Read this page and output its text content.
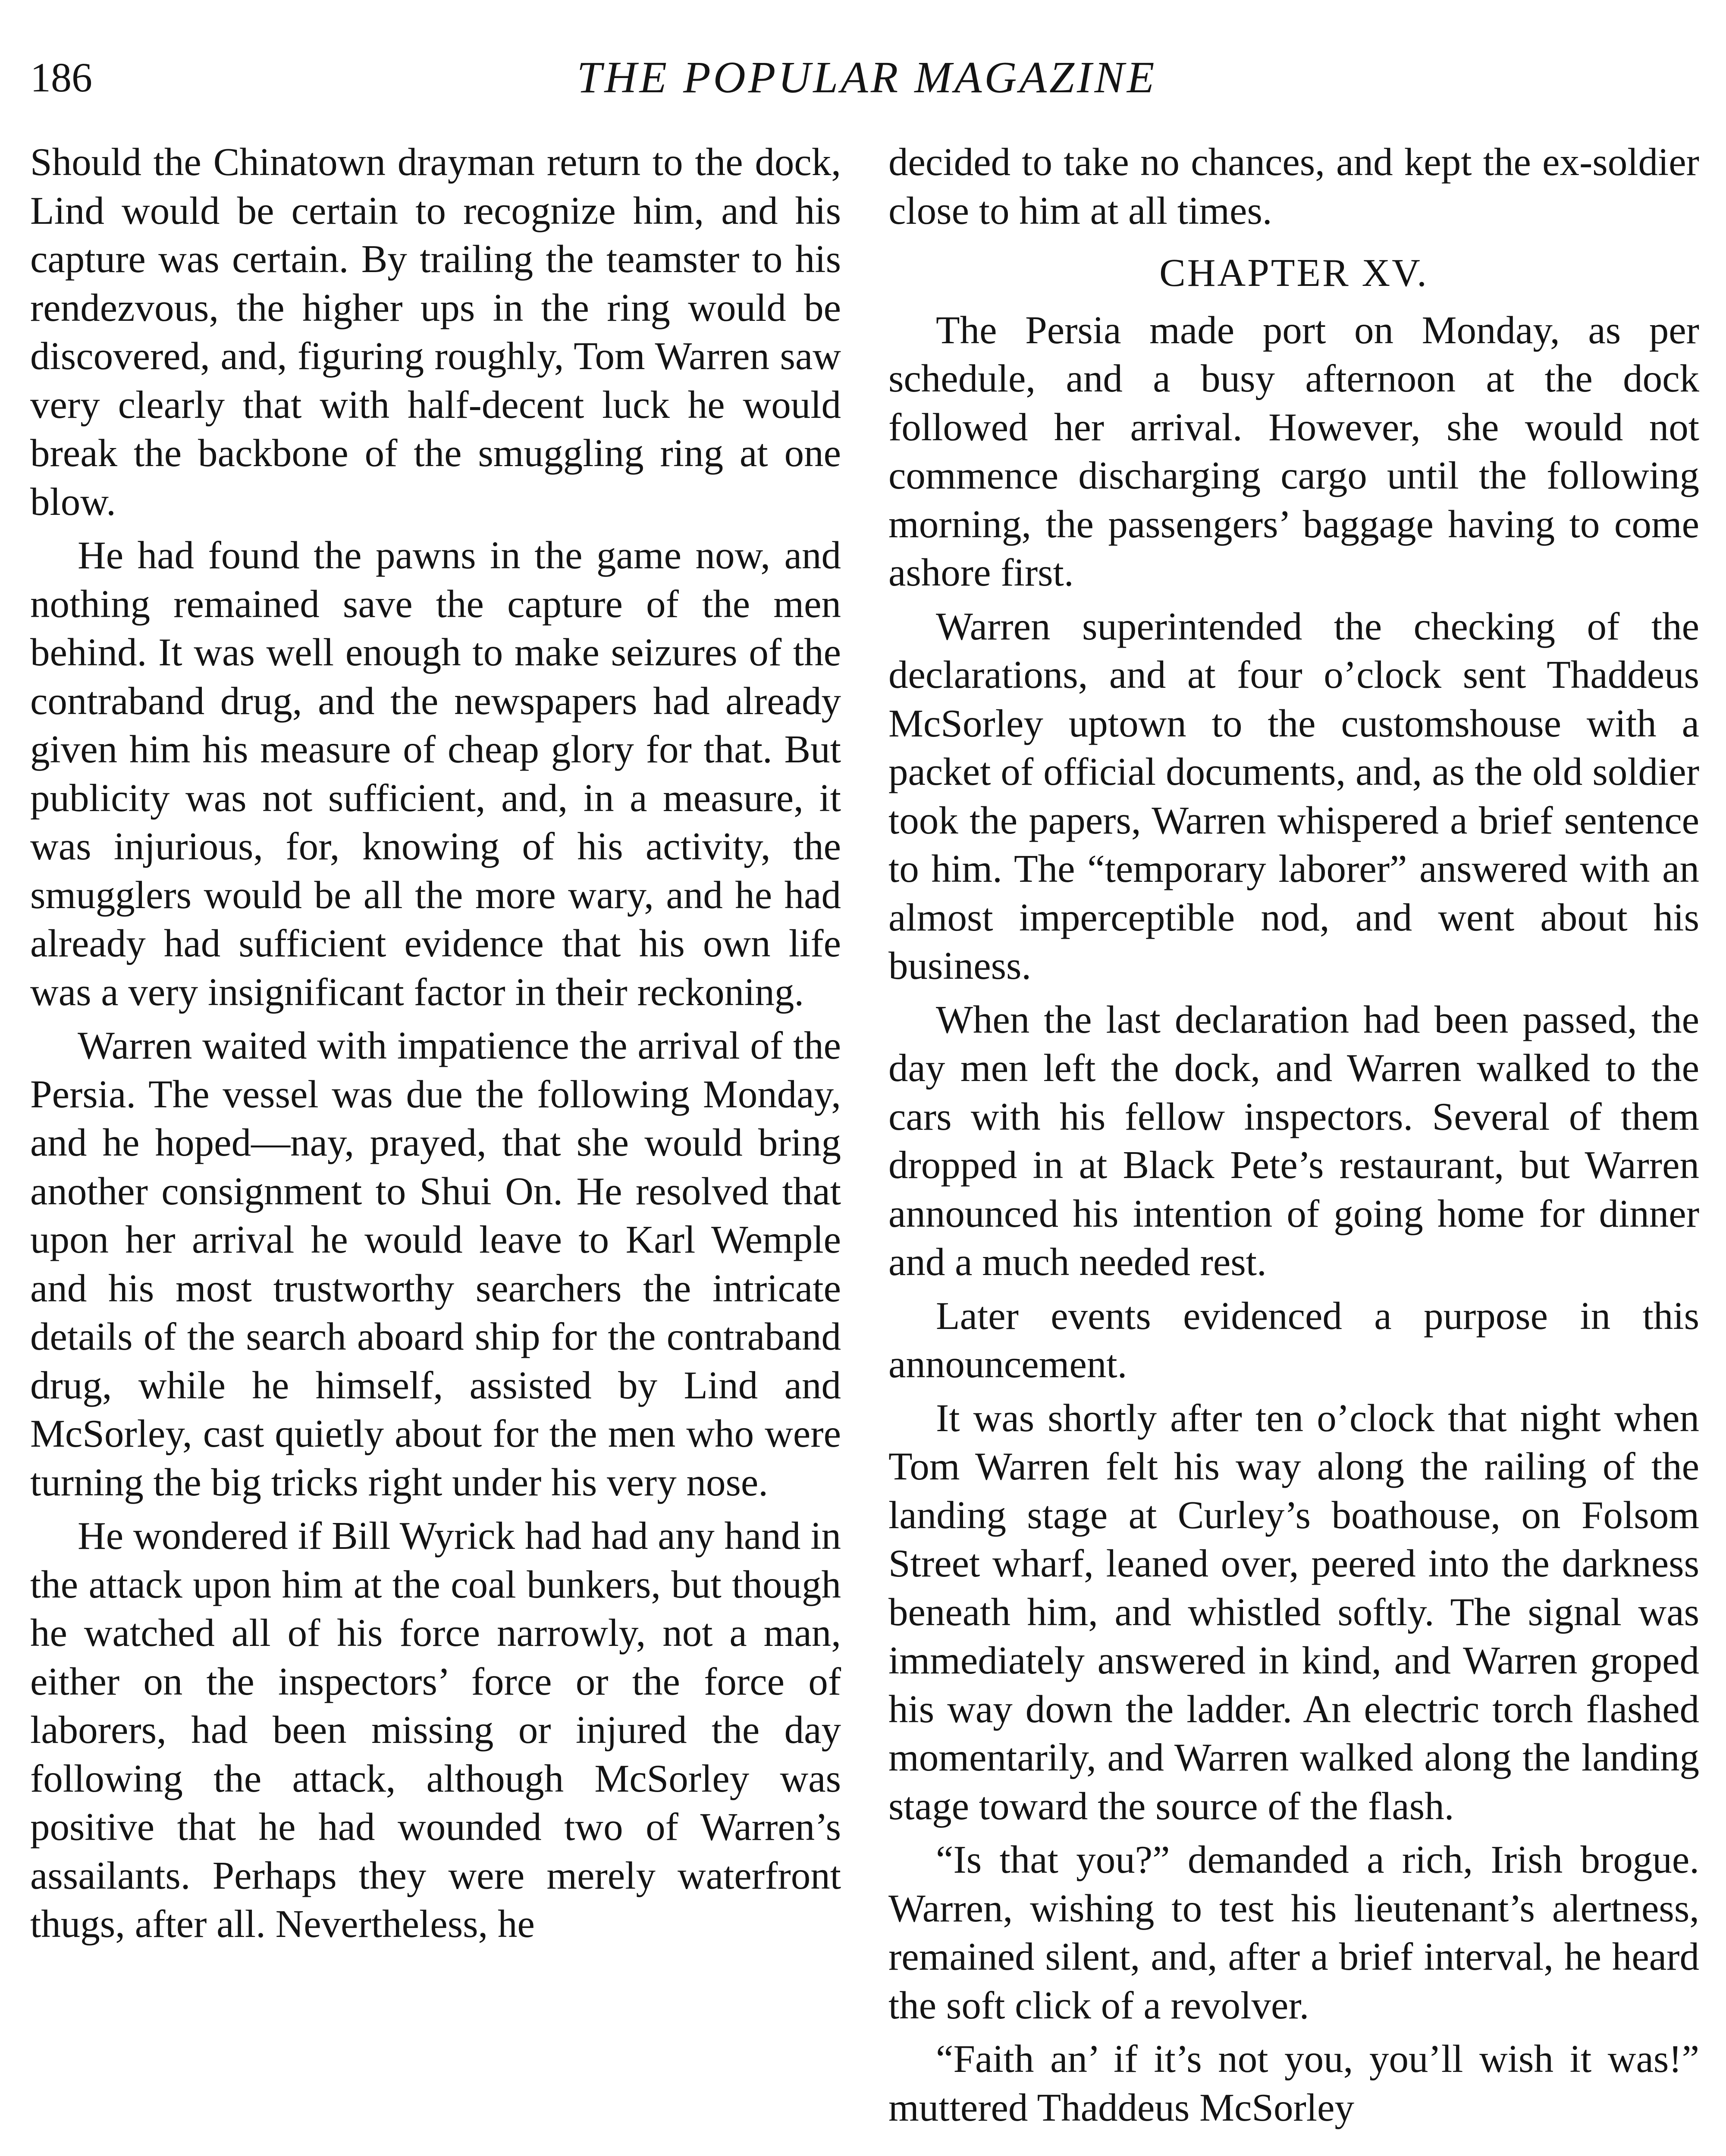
186	THE POPULAR MAGAZINE

Should the Chinatown drayman return to the dock, Lind would be certain to recognize him, and his capture was certain. By trailing the teamster to his rendezvous, the higher ups in the ring would be discovered, and, figuring roughly, Tom Warren saw very clearly that with half-decent luck he would break the backbone of the smuggling ring at one blow.

He had found the pawns in the game now, and nothing remained save the capture of the men behind. It was well enough to make seizures of the contraband drug, and the newspapers had already given him his measure of cheap glory for that. But publicity was not sufficient, and, in a measure, it was injurious, for, knowing of his activity, the smugglers would be all the more wary, and he had already had sufficient evidence that his own life was a very insignificant factor in their reckoning.

Warren waited with impatience the arrival of the Persia. The vessel was due the following Monday, and he hoped—nay, prayed, that she would bring another consignment to Shui On. He resolved that upon her arrival he would leave to Karl Wemple and his most trustworthy searchers the intricate details of the search aboard ship for the contraband drug, while he himself, assisted by Lind and McSorley, cast quietly about for the men who were turning the big tricks right under his very nose.

He wondered if Bill Wyrick had had any hand in the attack upon him at the coal bunkers, but though he watched all of his force narrowly, not a man, either on the inspectors’ force or the force of laborers, had been missing or injured the day following the attack, although McSorley was positive that he had wounded two of Warren’s assailants. Perhaps they were merely waterfront thugs, after all. Nevertheless, he

decided to take no chances, and kept the ex-soldier close to him at all times.

CHAPTER XV.

The Persia made port on Monday, as per schedule, and a busy afternoon at the dock followed her arrival. However, she would not commence discharging cargo until the following morning, the passengers’ baggage having to come ashore first.

Warren superintended the checking of the declarations, and at four o’clock sent Thaddeus McSorley uptown to the customshouse with a packet of official documents, and, as the old soldier took the papers, Warren whispered a brief sentence to him. The “temporary laborer” answered with an almost imperceptible nod, and went about his business.

When the last declaration had been passed, the day men left the dock, and Warren walked to the cars with his fellow inspectors. Several of them dropped in at Black Pete’s restaurant, but Warren announced his intention of going home for dinner and a much needed rest.

Later events evidenced a purpose in this announcement.

It was shortly after ten o’clock that night when Tom Warren felt his way along the railing of the landing stage at Curley’s boathouse, on Folsom Street wharf, leaned over, peered into the darkness beneath him, and whistled softly. The signal was immediately answered in kind, and Warren groped his way down the ladder. An electric torch flashed momentarily, and Warren walked along the landing stage toward the source of the flash.

“Is that you?” demanded a rich, Irish brogue. Warren, wishing to test his lieutenant’s alertness, remained silent, and, after a brief interval, he heard the soft click of a revolver.

“Faith an’ if it’s not you, you’ll wish it was!” muttered Thaddeus McSorley
